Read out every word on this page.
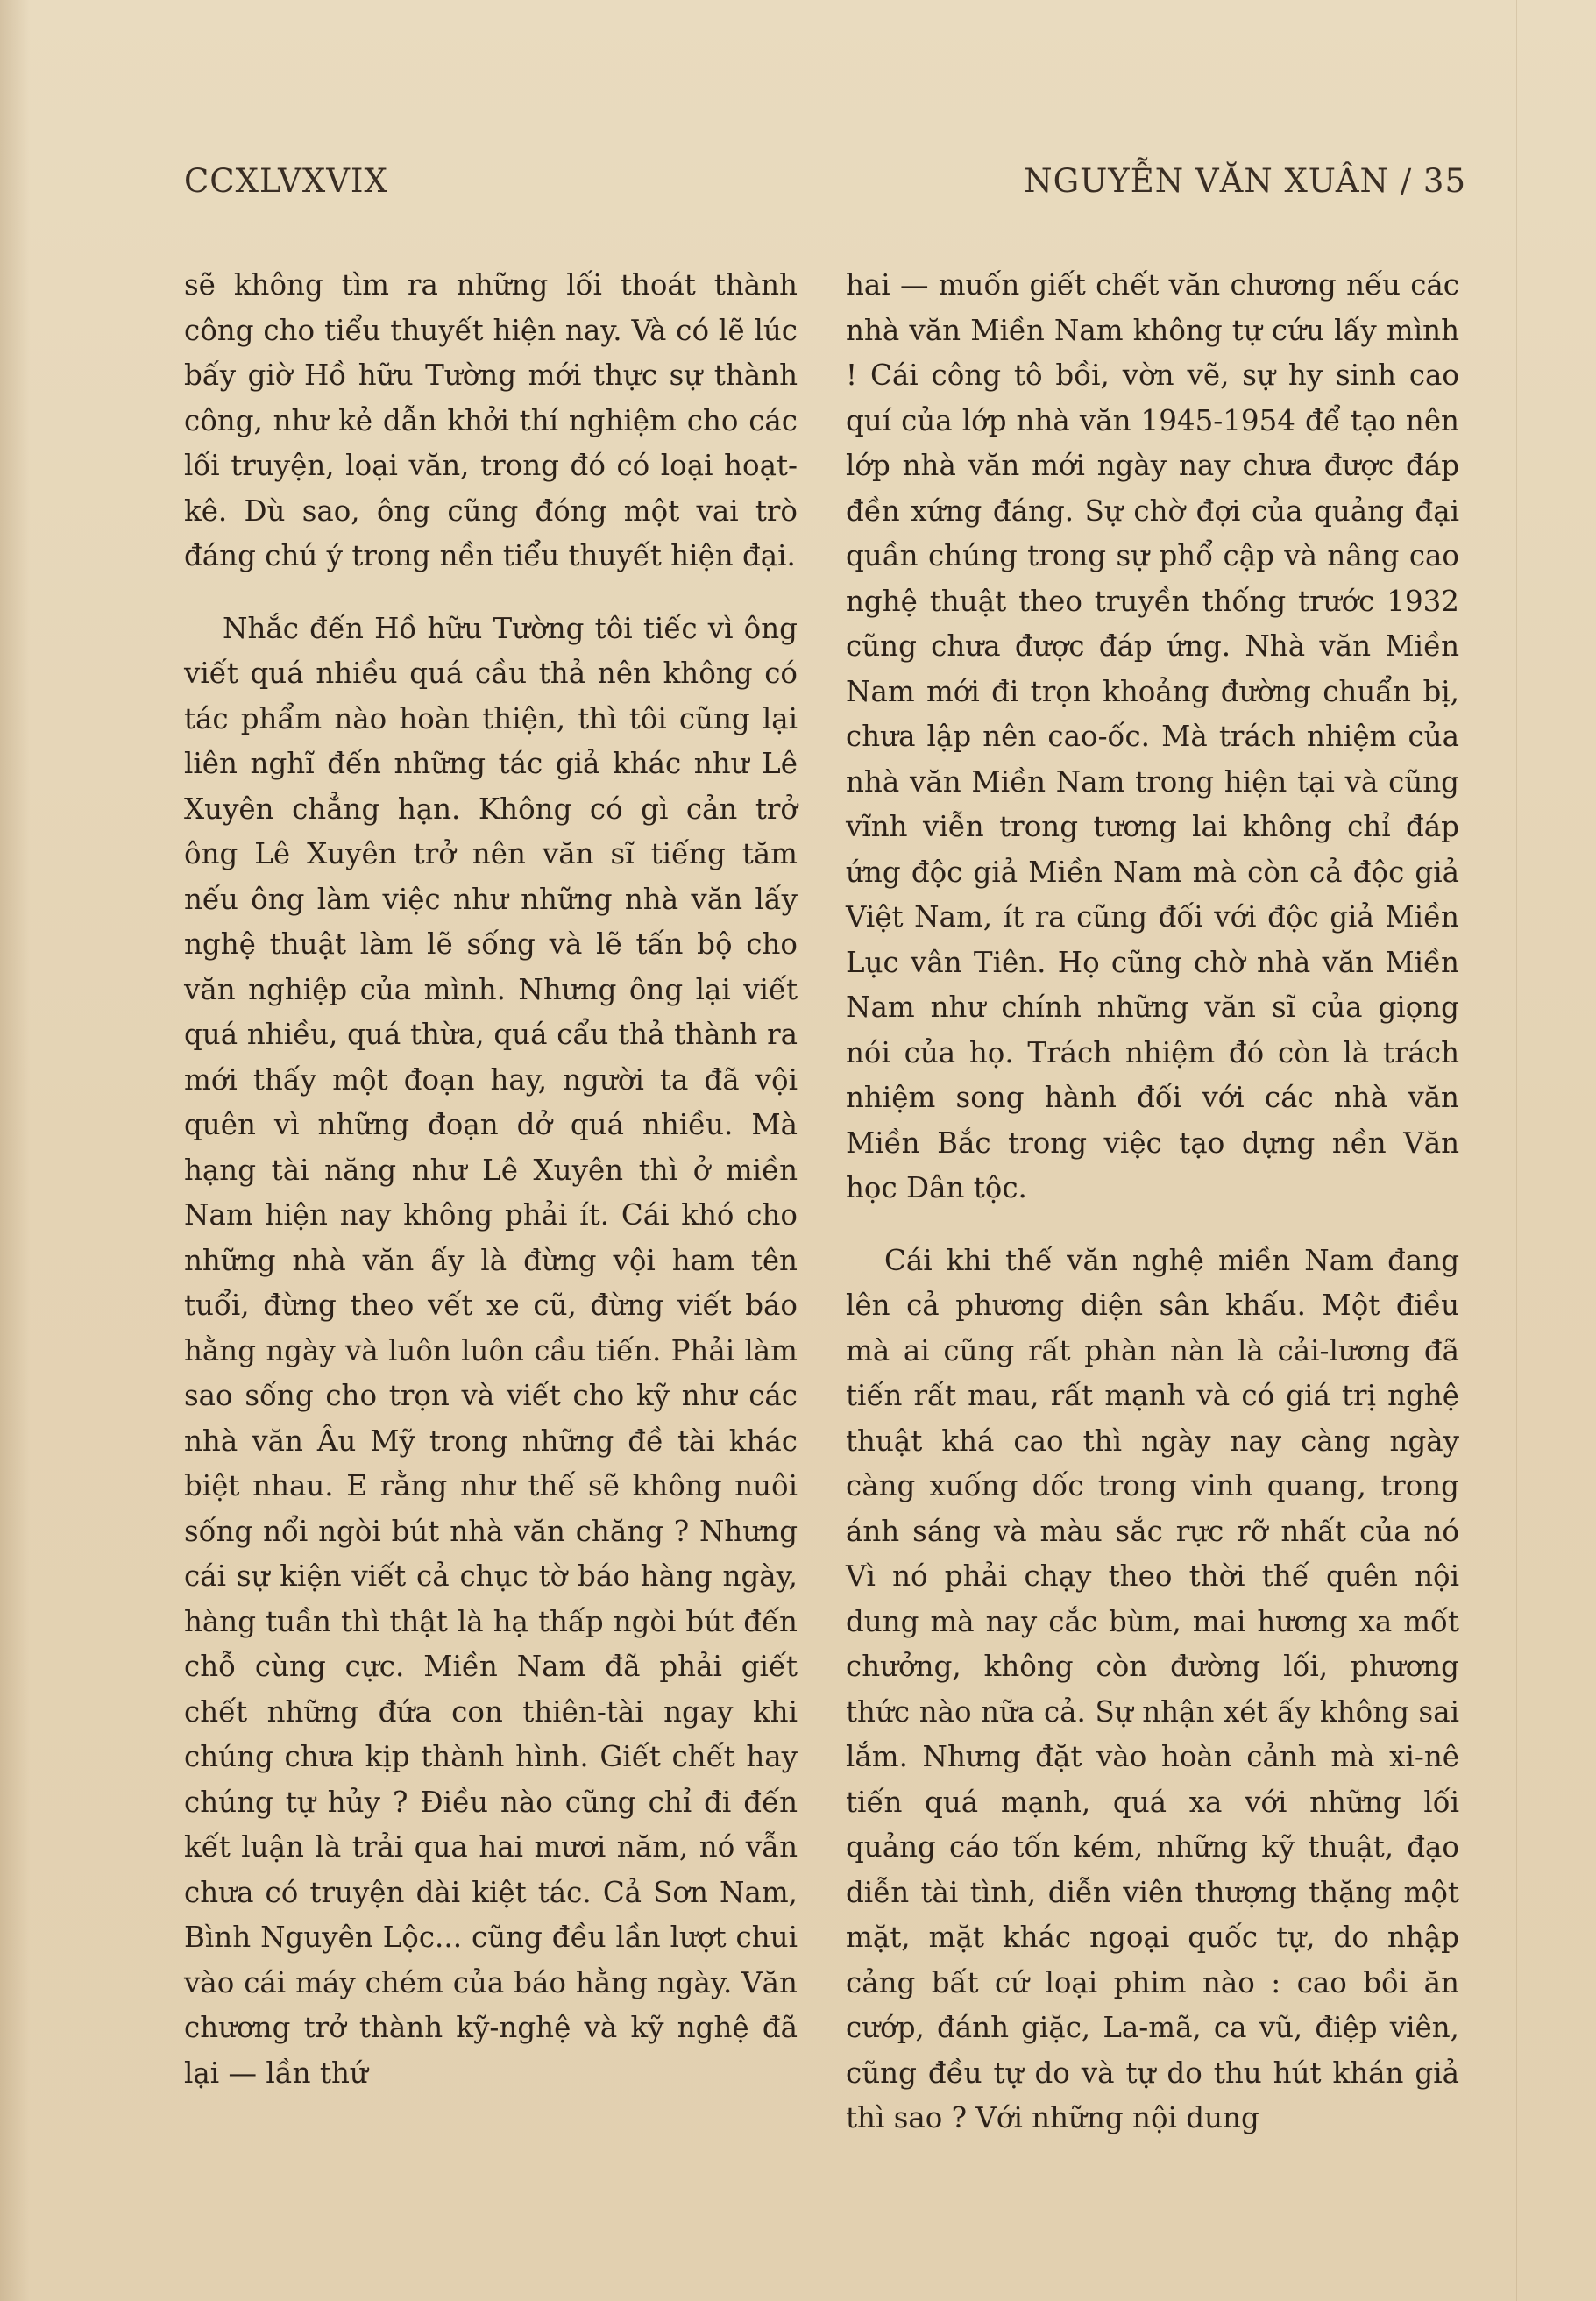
CCXLVXVIX	NGUYỄN VĂN XUÂN / 35

sẽ không tìm ra những lối thoát thành công cho tiểu thuyết hiện nay. Và có lẽ lúc bấy giờ Hồ hữu Tường mới thực sự thành công, như kẻ dẫn khởi thí nghiệm cho các lối truyện, loại văn, trong đó có loại hoạt-kê. Dù sao, ông cũng đóng một vai trò đáng chú ý trong nền tiểu thuyết hiện đại.

Nhắc đến Hồ hữu Tường tôi tiếc vì ông viết quá nhiều quá cầu thả nên không có tác phẩm nào hoàn thiện, thì tôi cũng lại liên nghĩ đến những tác giả khác như Lê Xuyên chẳng hạn. Không có gì cản trở ông Lê Xuyên trở nên văn sĩ tiếng tăm nếu ông làm việc như những nhà văn lấy nghệ thuật làm lẽ sống và lẽ tấn bộ cho văn nghiệp của mình. Nhưng ông lại viết quá nhiều, quá thừa, quá cẩu thả thành ra mới thấy một đoạn hay, người ta đã vội quên vì những đoạn dở quá nhiều. Mà hạng tài năng như Lê Xuyên thì ở miền Nam hiện nay không phải ít. Cái khó cho những nhà văn ấy là đừng vội ham tên tuổi, đừng theo vết xe cũ, đừng viết báo hằng ngày và luôn luôn cầu tiến. Phải làm sao sống cho trọn và viết cho kỹ như các nhà văn Âu Mỹ trong những đề tài khác biệt nhau. E rằng như thế sẽ không nuôi sống nổi ngòi bút nhà văn chăng ? Nhưng cái sự kiện viết cả chục tờ báo hàng ngày, hàng tuần thì thật là hạ thấp ngòi bút đến chỗ cùng cực. Miền Nam đã phải giết chết những đứa con thiên-tài ngay khi chúng chưa kịp thành hình. Giết chết hay chúng tự hủy ? Điều nào cũng chỉ đi đến kết luận là trải qua hai mươi năm, nó vẫn chưa có truyện dài kiệt tác. Cả Sơn Nam, Bình Nguyên Lộc... cũng đều lần lượt chui vào cái máy chém của báo hằng ngày. Văn chương trở thành kỹ-nghệ và kỹ nghệ đã lại — lần thứ

hai — muốn giết chết văn chương nếu các nhà văn Miền Nam không tự cứu lấy mình ! Cái công tô bồi, vờn vẽ, sự hy sinh cao quí của lớp nhà văn 1945-1954 để tạo nên lớp nhà văn mới ngày nay chưa được đáp đền xứng đáng. Sự chờ đợi của quảng đại quần chúng trong sự phổ cập và nâng cao nghệ thuật theo truyền thống trước 1932 cũng chưa được đáp ứng. Nhà văn Miền Nam mới đi trọn khoảng đường chuẩn bị, chưa lập nên cao-ốc. Mà trách nhiệm của nhà văn Miền Nam trong hiện tại và cũng vĩnh viễn trong tương lai không chỉ đáp ứng độc giả Miền Nam mà còn cả độc giả Việt Nam, ít ra cũng đối với độc giả Miền Lục vân Tiên. Họ cũng chờ nhà văn Miền Nam như chính những văn sĩ của giọng nói của họ. Trách nhiệm đó còn là trách nhiệm song hành đối với các nhà văn Miền Bắc trong việc tạo dựng nền Văn học Dân tộc.

Cái khi thế văn nghệ miền Nam đang lên cả phương diện sân khấu. Một điều mà ai cũng rất phàn nàn là cải-lương đã tiến rất mau, rất mạnh và có giá trị nghệ thuật khá cao thì ngày nay càng ngày càng xuống dốc trong vinh quang, trong ánh sáng và màu sắc rực rỡ nhất của nó Vì nó phải chạy theo thời thế quên nội dung mà nay cắc bùm, mai hương xa mốt chưởng, không còn đường lối, phương thức nào nữa cả. Sự nhận xét ấy không sai lắm. Nhưng đặt vào hoàn cảnh mà xi-nê tiến quá mạnh, quá xa với những lối quảng cáo tốn kém, những kỹ thuật, đạo diễn tài tình, diễn viên thượng thặng một mặt, mặt khác ngoại quốc tự, do nhập cảng bất cứ loại phim nào : cao bồi ăn cướp, đánh giặc, La-mã, ca vũ, điệp viên, cũng đều tự do và tự do thu hút khán giả thì sao ? Với những nội dung
